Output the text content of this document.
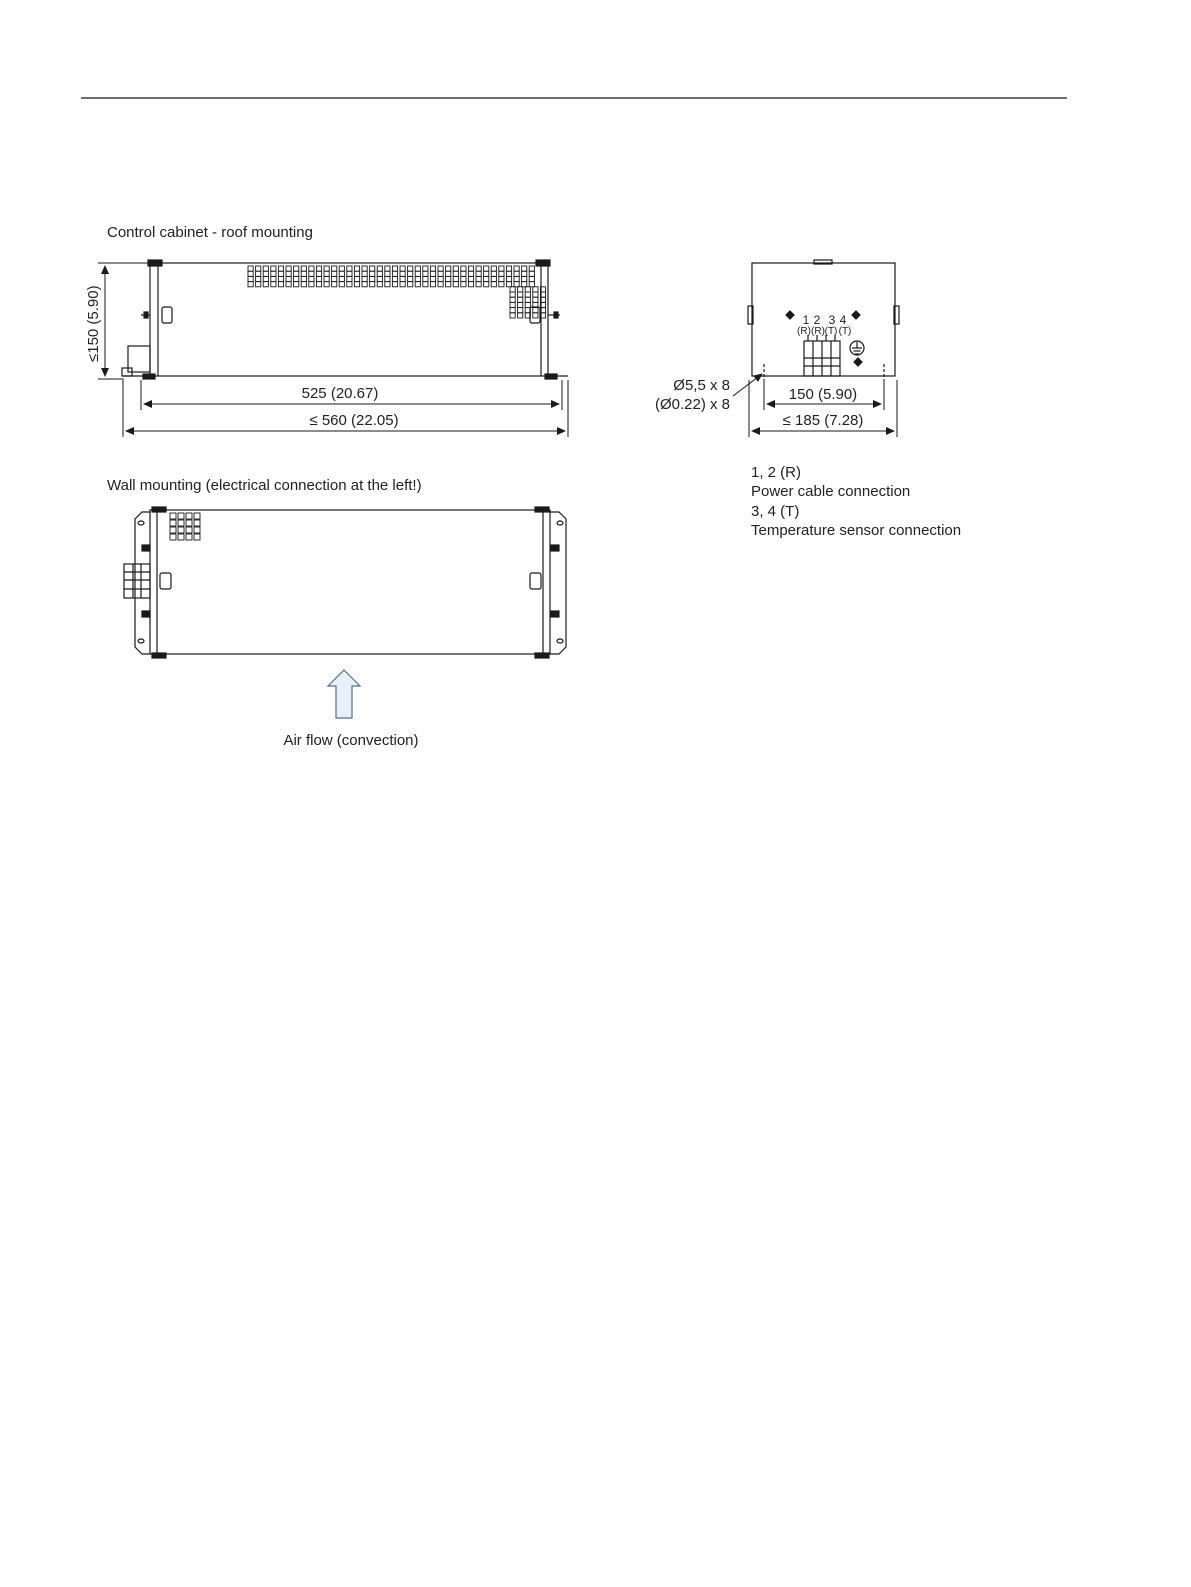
Control cabinet - roof mounting
≤150 (5.90)
525 (20.67)
≤ 560 (22.05)
1 2 3 4
(R) (R) (T) (T)
Ø5,5 x 8
(Ø0.22) x 8
150 (5.90)
≤ 185 (7.28)
1, 2 (R)
Power cable connection
3, 4 (T)
Temperature sensor connection
Wall mounting (electrical connection at the left!)
Air flow (convection)
